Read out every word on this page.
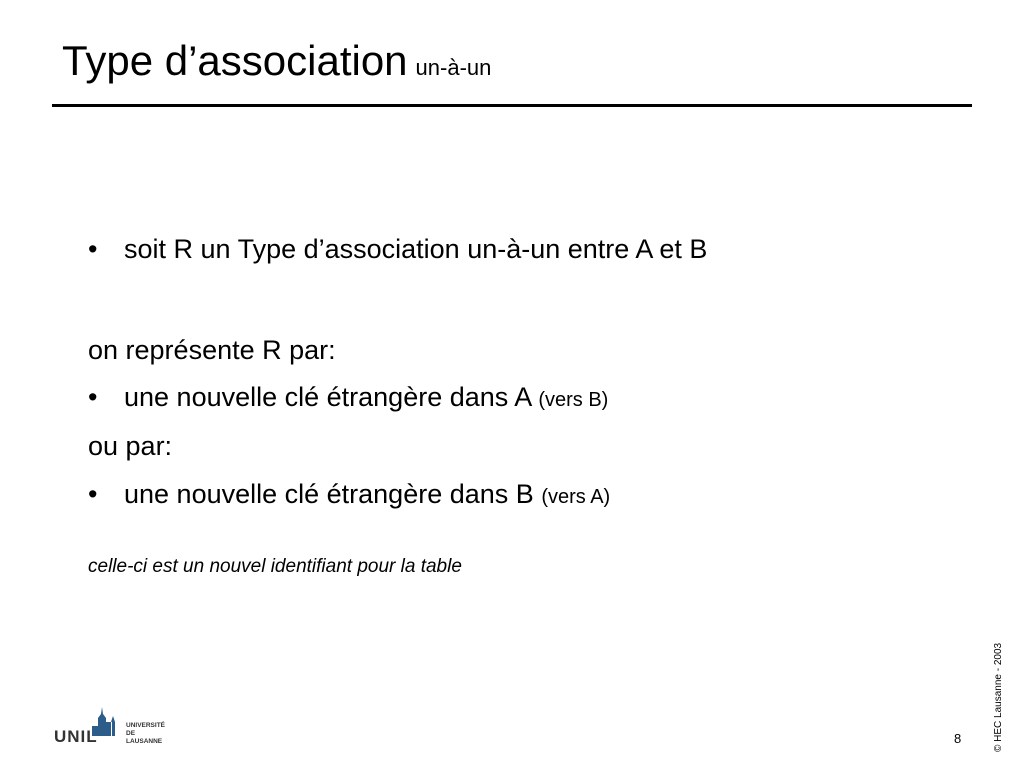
Type d’association un-à-un
• soit R un Type d’association un-à-un entre A et B
on représente R par:
• une nouvelle clé étrangère dans A (vers B)
ou par:
• une nouvelle clé étrangère dans B (vers A)
celle-ci est un nouvel identifiant pour la table
© HEC Lausanne - 2003
8
UNIL
UNIVERSITÉ
DE
LAUSANNE
